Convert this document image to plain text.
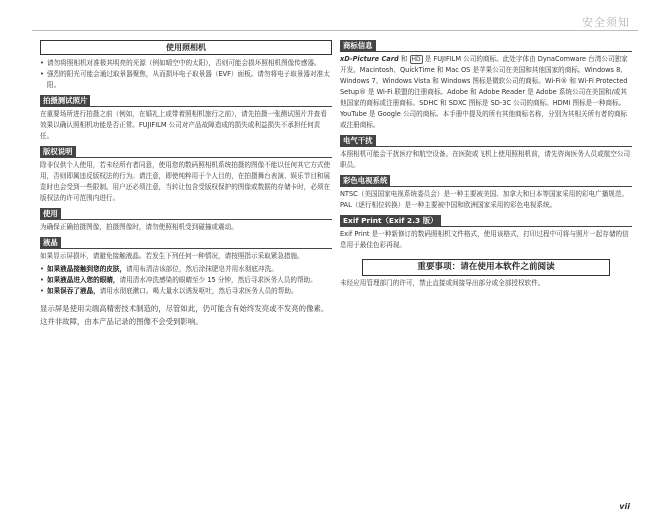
安全须知
使用照相机
• 请勿将照相机对准极其明亮的光源（例如晴空中的太阳），否则可能会损坏照相机图像传感器。
• 强烈的阳光可能会通过取景器聚焦，从而损坏电子取景器（EVF）面板。请勿将电子取景器对准太阳。
拍摄测试照片

在重要场所进行拍摄之前（例如，在婚礼上或带着照相机旅行之前），请先拍摄一张测试照片并查看效果以确认照相机功能是否正常。FUJIFILM 公司对产品故障造成的损失或利益损失不承担任何责任。

版权说明

除非仅供个人使用，若未经所有者同意，使用您的数码照相机系统拍摄的图像不能以任何其它方式使用，否则即属违反版权法的行为。请注意，即使纯粹用于个人目的，在拍摄舞台表演、娱乐节目和展览时也会受到一些限制。用户还必须注意，当转让包含受版权保护的图像或数据的存储卡时，必须在版权法的许可范围内进行。

使用

为确保正确拍摄图像，拍摄图像时，请勿使照相机受到碰撞或震动。

液晶

如果显示屏损坏，请避免接触液晶。若发生下列任何一种情况，请按照指示采取紧急措施。

• 如果液晶接触到您的皮肤，请用布清洁该部位，然后涂抹肥皂并用水彻底冲洗。
• 如果液晶进入您的眼睛，请用清水冲洗感染的眼睛至少 15 分钟，然后寻求医务人员的帮助。
• 如果误吞了液晶，请用水彻底漱口。喝大量水以诱发呕吐，然后寻求医务人员的帮助。

显示屏是使用尖端高精密技术制造的，尽管如此，仍可能含有始终发亮或不发亮的像素。这并非故障，由本产品记录的图像不会受到影响。

商标信息

xD-Picture Card 和 HD 是 FUJIFILM 公司的商标。此处字体由 DynaComware 台湾公司独家开发。Macintosh、QuickTime 和 Mac OS 是苹果公司在美国和其他国家的商标。Windows 8、Windows 7、Windows Vista 和 Windows 图标是微软公司的商标。Wi-Fi® 和 Wi-Fi Protected Setup® 是 Wi-Fi 联盟的注册商标。Adobe 和 Adobe Reader 是 Adobe 系统公司在美国和/或其他国家的商标或注册商标。SDHC 和 SDXC 图标是 SD-3C 公司的商标。HDMI 图标是一种商标。YouTube 是 Google 公司的商标。本手册中提及的所有其他商标名称，分别为其相关所有者的商标或注册商标。

电气干扰

本照相机可能会干扰医疗和航空设备。在医院或飞机上使用照相机前，请先咨询医务人员或航空公司职员。

彩色电视系统

NTSC（美国国家电视系统委员会）是一种主要被美国、加拿大和日本等国家采用的彩电广播规范。PAL（逐行相位转换）是一种主要被中国和欧洲国家采用的彩色电视系统。

Exif Print（Exif 2.3 版）

Exif Print 是一种新修订的数码照相机文件格式，使用该格式，打印过程中可将与照片一起存储的信息用于最佳色彩再现。

重要事项：请在使用本软件之前阅读

未经应用管理部门的许可，禁止直接或间接导出部分或全部授权软件。

vii
